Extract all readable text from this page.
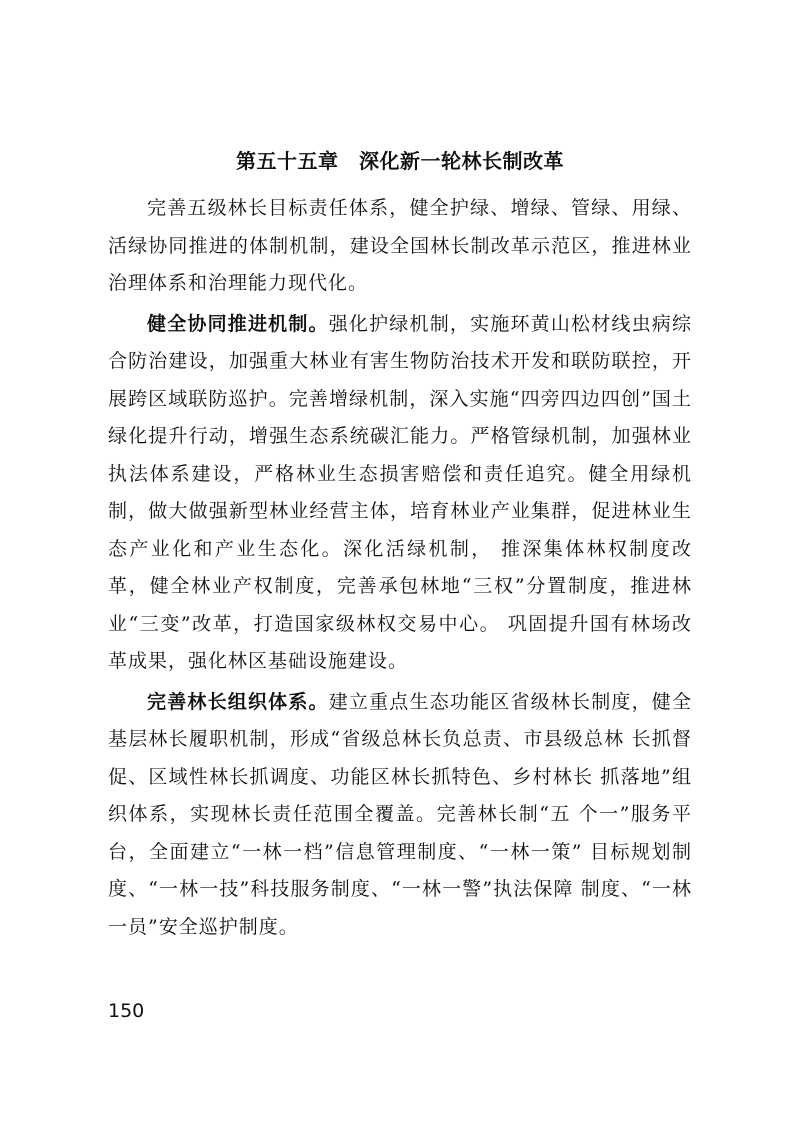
第五十五章　深化新一轮林长制改革

完善五级林长目标责任体系，健全护绿、增绿、管绿、用绿、活绿协同推进的体制机制，建设全国林长制改革示范区，推进林业治理体系和治理能力现代化。

健全协同推进机制。强化护绿机制，实施环黄山松材线虫病综合防治建设，加强重大林业有害生物防治技术开发和联防联控，开展跨区域联防巡护。完善增绿机制，深入实施“四旁四边四创”国土绿化提升行动，增强生态系统碳汇能力。严格管绿机制，加强林业执法体系建设，严格林业生态损害赔偿和责任追究。健全用绿机制，做大做强新型林业经营主体，培育林业产业集群，促进林业生态产业化和产业生态化。深化活绿机制， 推深集体林权制度改革，健全林业产权制度，完善承包林地“三权”分置制度，推进林业“三变”改革，打造国家级林权交易中心。 巩固提升国有林场改革成果，强化林区基础设施建设。

完善林长组织体系。建立重点生态功能区省级林长制度，健全基层林长履职机制，形成“省级总林长负总责、市县级总林 长抓督促、区域性林长抓调度、功能区林长抓特色、乡村林长 抓落地”组织体系，实现林长责任范围全覆盖。完善林长制“五 个一”服务平台，全面建立“一林一档”信息管理制度、“一林一策” 目标规划制度、“一林一技”科技服务制度、“一林一警”执法保障 制度、“一林一员”安全巡护制度。

150
